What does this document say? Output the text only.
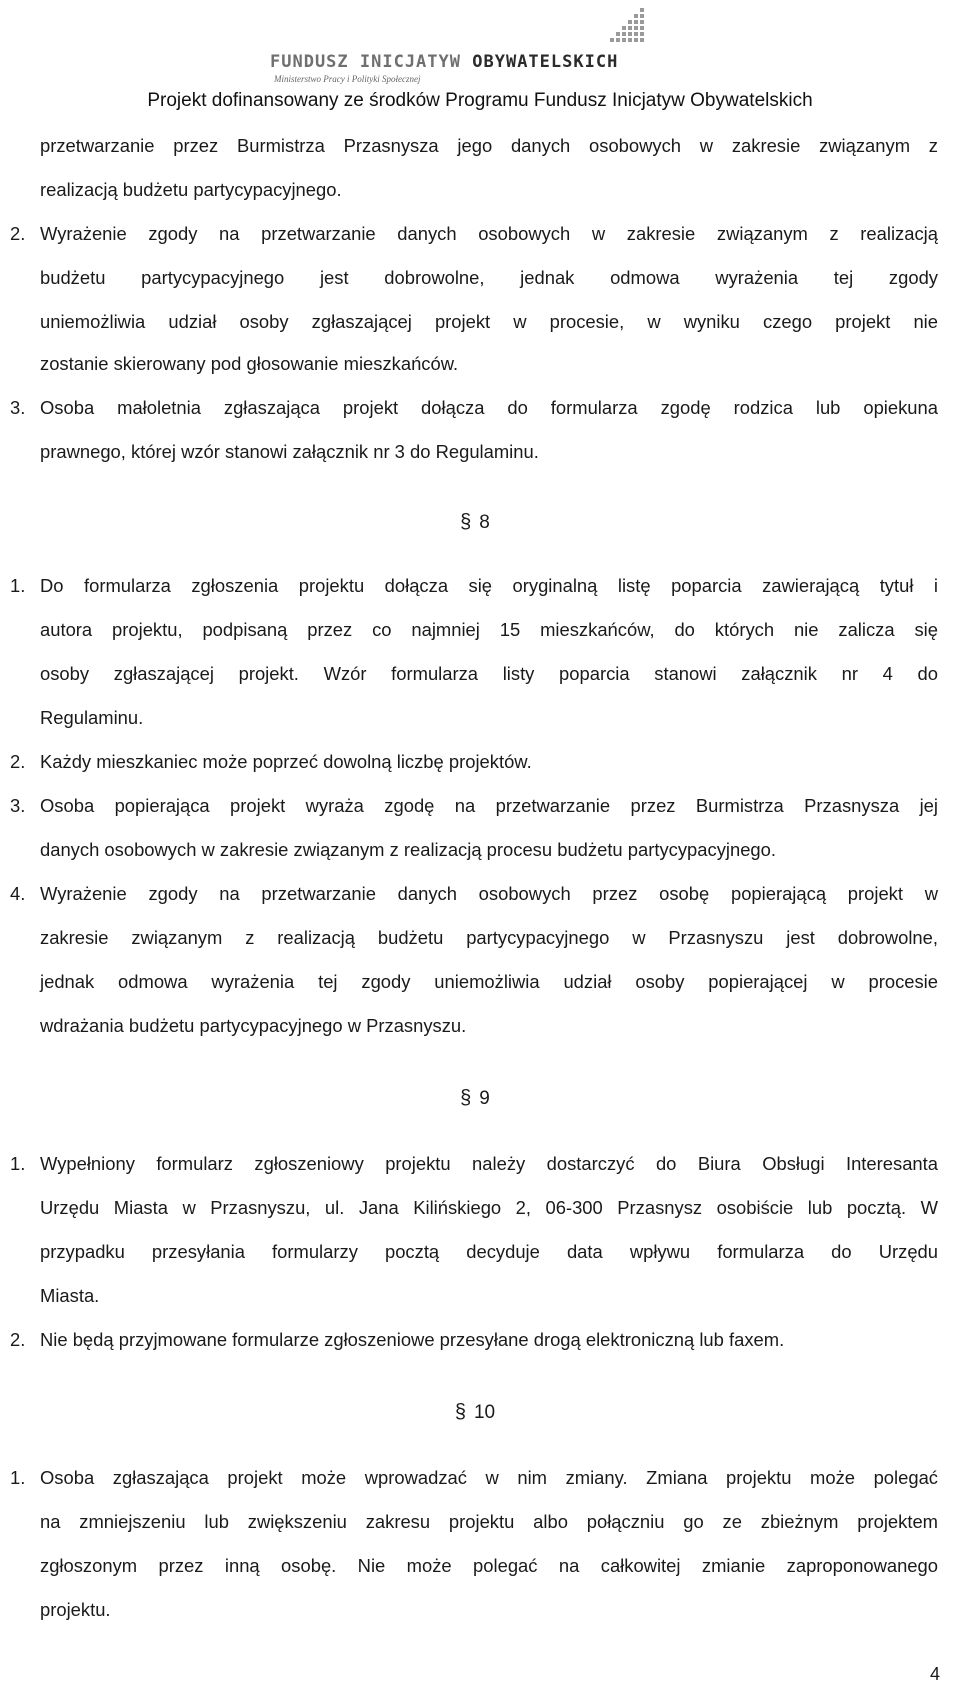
FUNDUSZ INICJATYW OBYWATELSKICH
Ministerstwo Pracy i Polityki Społecznej
Projekt dofinansowany ze środków Programu Fundusz Inicjatyw Obywatelskich
przetwarzanie przez Burmistrza Przasnysza jego danych osobowych w zakresie związanym z
realizacją budżetu partycypacyjnego.
2. Wyrażenie zgody na przetwarzanie danych osobowych w zakresie związanym z realizacją
budżetu partycypacyjnego jest dobrowolne, jednak odmowa wyrażenia tej zgody
uniemożliwia udział osoby zgłaszającej projekt w procesie, w wyniku czego projekt nie
zostanie skierowany pod głosowanie mieszkańców.
3. Osoba małoletnia zgłaszająca projekt dołącza do formularza zgodę rodzica lub opiekuna
prawnego, której wzór stanowi załącznik nr 3 do Regulaminu.
§ 8
1. Do formularza zgłoszenia projektu dołącza się oryginalną listę poparcia zawierającą tytuł i
autora projektu, podpisaną przez co najmniej 15 mieszkańców, do których nie zalicza się
osoby zgłaszającej projekt. Wzór formularza listy poparcia stanowi załącznik nr 4 do
Regulaminu.
2. Każdy mieszkaniec może poprzeć dowolną liczbę projektów.
3. Osoba popierająca projekt wyraża zgodę na przetwarzanie przez Burmistrza Przasnysza jej
danych osobowych w zakresie związanym z realizacją procesu budżetu partycypacyjnego.
4. Wyrażenie zgody na przetwarzanie danych osobowych przez osobę popierającą projekt w
zakresie związanym z realizacją budżetu partycypacyjnego w Przasnyszu jest dobrowolne,
jednak odmowa wyrażenia tej zgody uniemożliwia udział osoby popierającej w procesie
wdrażania budżetu partycypacyjnego w Przasnyszu.
§ 9
1. Wypełniony formularz zgłoszeniowy projektu należy dostarczyć do Biura Obsługi Interesanta
Urzędu Miasta w Przasnyszu, ul. Jana Kilińskiego 2, 06-300 Przasnysz osobiście lub pocztą. W
przypadku przesyłania formularzy pocztą decyduje data wpływu formularza do Urzędu
Miasta.
2. Nie będą przyjmowane formularze zgłoszeniowe przesyłane drogą elektroniczną lub faxem.
§ 10
1. Osoba zgłaszająca projekt może wprowadzać w nim zmiany. Zmiana projektu może polegać
na zmniejszeniu lub zwiększeniu zakresu projektu albo połączniu go ze zbieżnym projektem
zgłoszonym przez inną osobę. Nie może polegać na całkowitej zmianie zaproponowanego
projektu.
4
